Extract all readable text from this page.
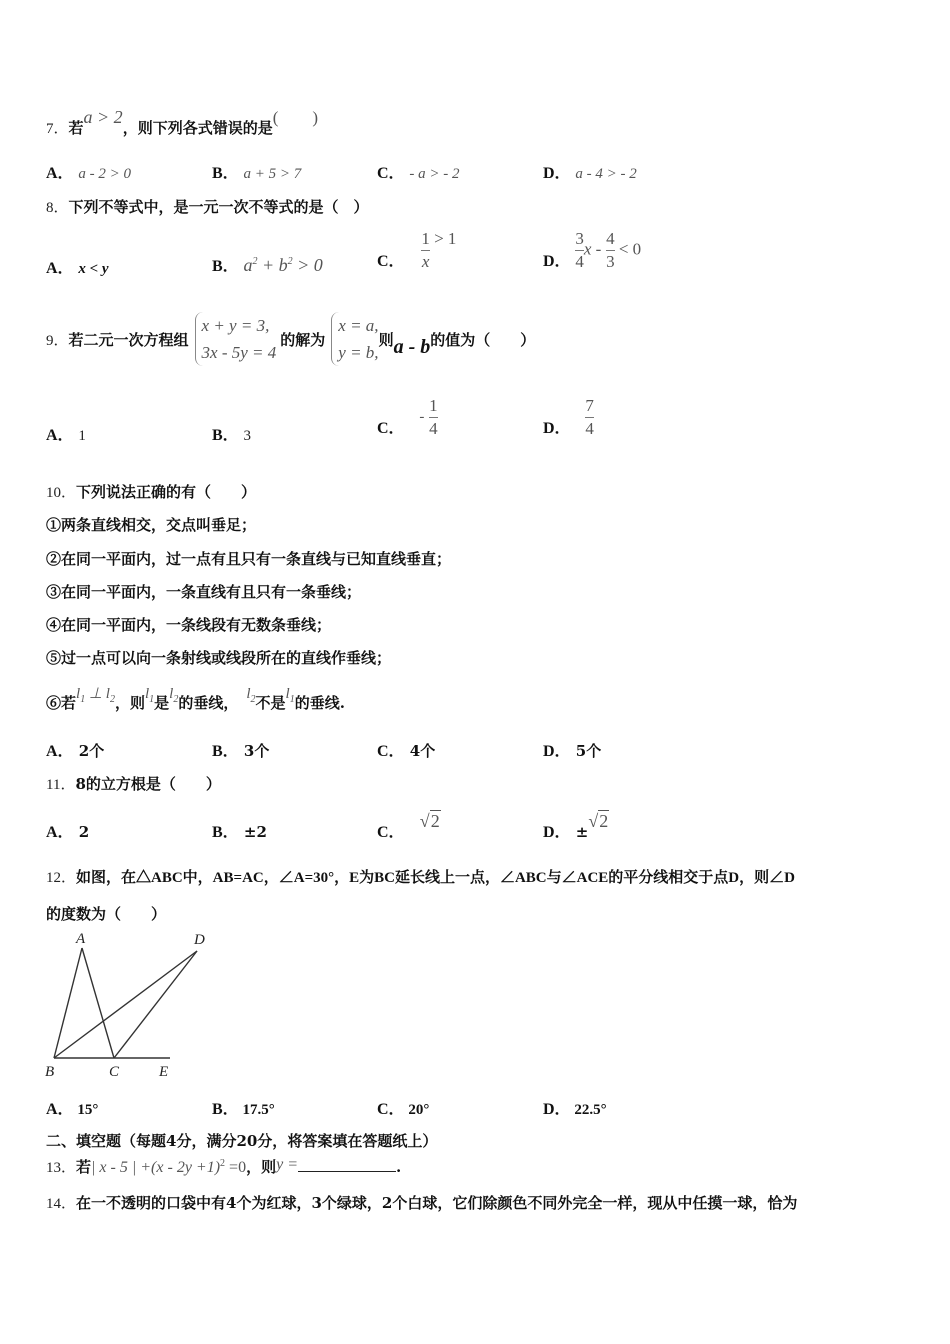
7．若a > 2，则下列各式错误的是(　　)
A． a - 2 > 0	B． a + 5 > 7	C． - a > - 2	D． a - 4 > - 2
8．下列不等式中，是一元一次不等式的是（　）
A． x < y	B． $a^2 + b^2 > 0$	C． $\frac{1}{x} > 1$
D． $\frac{3}{4}$ $x - \frac{4}{3} < 0$
9． 若二元一次方程组
x + y = 3,
3x - 5y = 4
的解为
x = a,
y = b,
则 a - b 的值为（　　）
A． 1	B． 3	C． - $\frac{1}{4}$	D． $\frac{7}{4}$
10．下列说法正确的有（　　）
①两条直线相交，交点叫垂足；
②在同一平面内，过一点有且只有一条直线与已知直线垂直；
③在同一平面内，一条直线有且只有一条垂线；
④在同一平面内，一条线段有无数条垂线；
⑤过一点可以向一条射线或线段所在的直线作垂线；
⑥若$l_1$ ⊥ $l_2$，则$l_1$是$l_2$的垂线， $l_2$不是$l_1$的垂线.
A． 2个	B． 3个	C． 4个	D． 5个
11．8的立方根是（　　）
A． 2	B． ±2	C． √2
D． ±√2
12．如图，在△ABC中，AB=AC，∠A=30°，E为BC延长线上一点，∠ABC与∠ACE的平分线相交于点D，则∠D
的度数为（　　）
A	D
B	C	E
A． 15°	B． 17.5°	C． 20°	D． 22.5°
二、填空题（每题4分，满分20分，将答案填在答题纸上）
13．若| x - 5 | $+(x - 2y +1)^2 =0$，则y =	.
14．在一不透明的口袋中有4个为红球，3个绿球，2个白球，它们除颜色不同外完全一样，现从中任摸一球，恰为
